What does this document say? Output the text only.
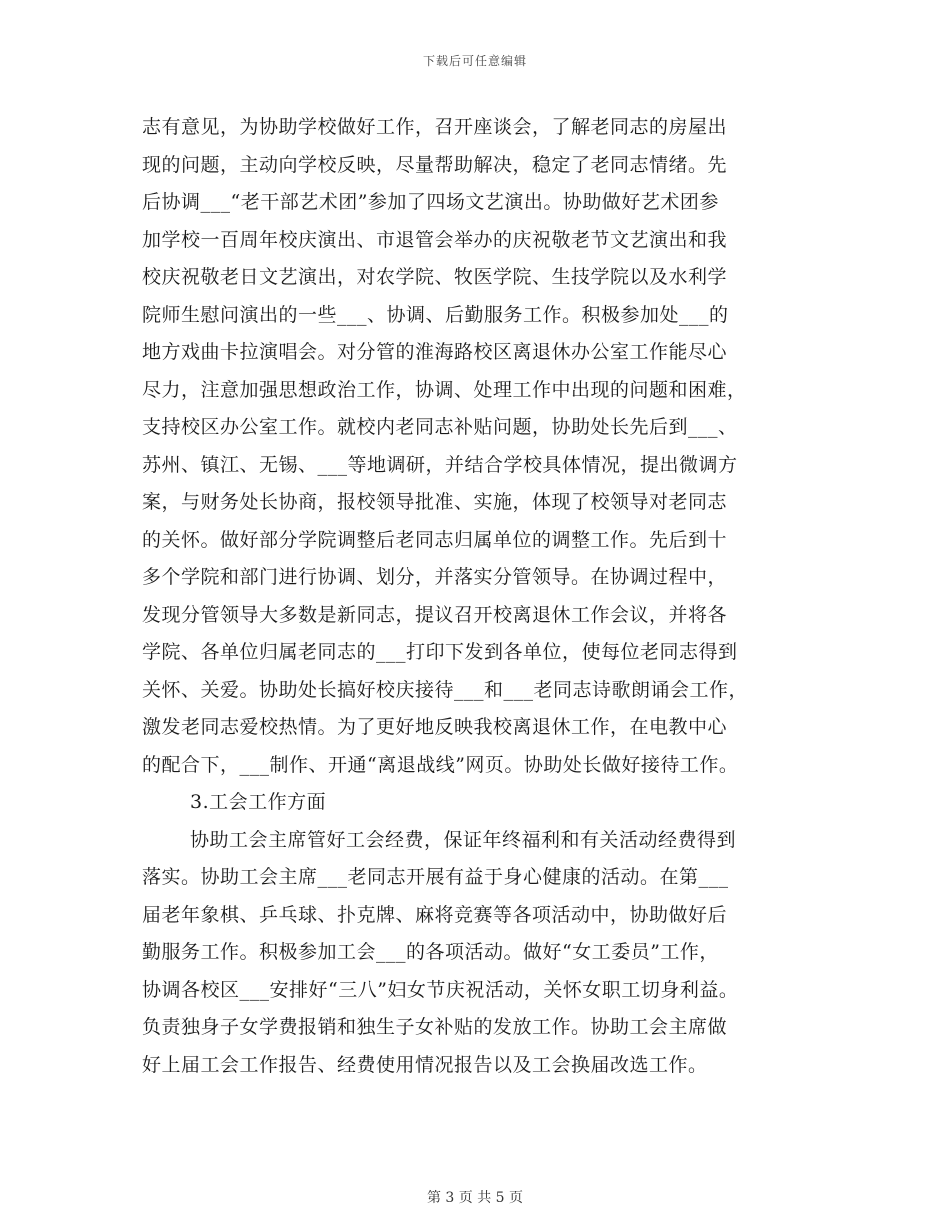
下载后可任意编辑
志有意见，为协助学校做好工作，召开座谈会，了解老同志的房屋出
现的问题，主动向学校反映，尽量帮助解决，稳定了老同志情绪。先
后协调___“老干部艺术团”参加了四场文艺演出。协助做好艺术团参
加学校一百周年校庆演出、市退管会举办的庆祝敬老节文艺演出和我
校庆祝敬老日文艺演出，对农学院、牧医学院、生技学院以及水利学
院师生慰问演出的一些___、协调、后勤服务工作。积极参加处___的
地方戏曲卡拉演唱会。对分管的淮海路校区离退休办公室工作能尽心
尽力，注意加强思想政治工作，协调、处理工作中出现的问题和困难，
支持校区办公室工作。就校内老同志补贴问题，协助处长先后到___、
苏州、镇江、无锡、___等地调研，并结合学校具体情况，提出微调方
案，与财务处长协商，报校领导批准、实施，体现了校领导对老同志
的关怀。做好部分学院调整后老同志归属单位的调整工作。先后到十
多个学院和部门进行协调、划分，并落实分管领导。在协调过程中，
发现分管领导大多数是新同志，提议召开校离退休工作会议，并将各
学院、各单位归属老同志的___打印下发到各单位，使每位老同志得到
关怀、关爱。协助处长搞好校庆接待___和___老同志诗歌朗诵会工作，
激发老同志爱校热情。为了更好地反映我校离退休工作，在电教中心
的配合下，___制作、开通“离退战线”网页。协助处长做好接待工作。
3.工会工作方面
协助工会主席管好工会经费，保证年终福利和有关活动经费得到
落实。协助工会主席___老同志开展有益于身心健康的活动。在第___
届老年象棋、乒乓球、扑克牌、麻将竞赛等各项活动中，协助做好后
勤服务工作。积极参加工会___的各项活动。做好“女工委员”工作，
协调各校区___安排好“三八”妇女节庆祝活动，关怀女职工切身利益。
负责独身子女学费报销和独生子女补贴的发放工作。协助工会主席做
好上届工会工作报告、经费使用情况报告以及工会换届改选工作。
第 3 页 共 5 页
